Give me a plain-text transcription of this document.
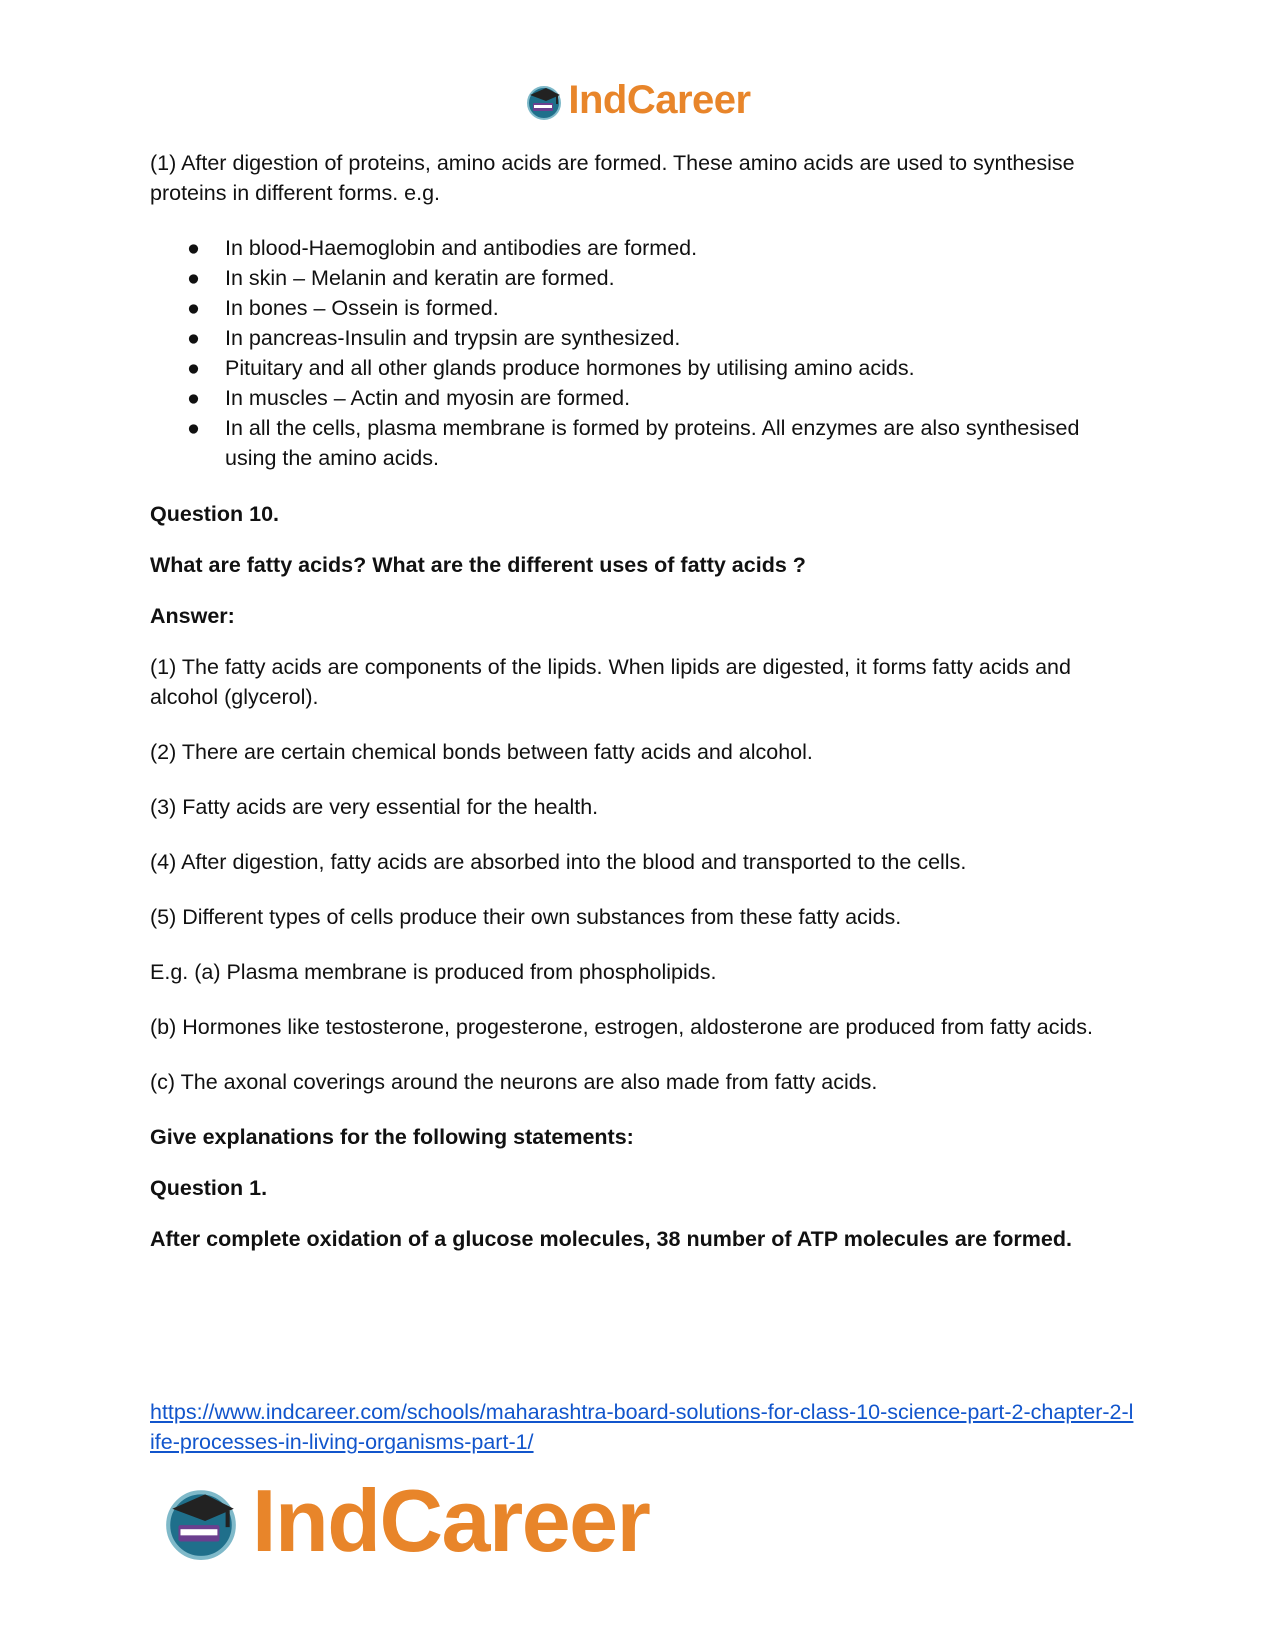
IndCareer

(1) After digestion of proteins, amino acids are formed. These amino acids are used to synthesise proteins in different forms. e.g.

● In blood-Haemoglobin and antibodies are formed.
● In skin – Melanin and keratin are formed.
● In bones – Ossein is formed.
● In pancreas-Insulin and trypsin are synthesized.
● Pituitary and all other glands produce hormones by utilising amino acids.
● In muscles – Actin and myosin are formed.
● In all the cells, plasma membrane is formed by proteins. All enzymes are also synthesised using the amino acids.

Question 10.

What are fatty acids? What are the different uses of fatty acids ?

Answer:

(1) The fatty acids are components of the lipids. When lipids are digested, it forms fatty acids and alcohol (glycerol).

(2) There are certain chemical bonds between fatty acids and alcohol.

(3) Fatty acids are very essential for the health.

(4) After digestion, fatty acids are absorbed into the blood and transported to the cells.

(5) Different types of cells produce their own substances from these fatty acids.

E.g. (a) Plasma membrane is produced from phospholipids.

(b) Hormones like testosterone, progesterone, estrogen, aldosterone are produced from fatty acids.

(c) The axonal coverings around the neurons are also made from fatty acids.

Give explanations for the following statements:

Question 1.

After complete oxidation of a glucose molecules, 38 number of ATP molecules are formed.

https://www.indcareer.com/schools/maharashtra-board-solutions-for-class-10-science-part-2-chapter-2-life-processes-in-living-organisms-part-1/
IndCareer
